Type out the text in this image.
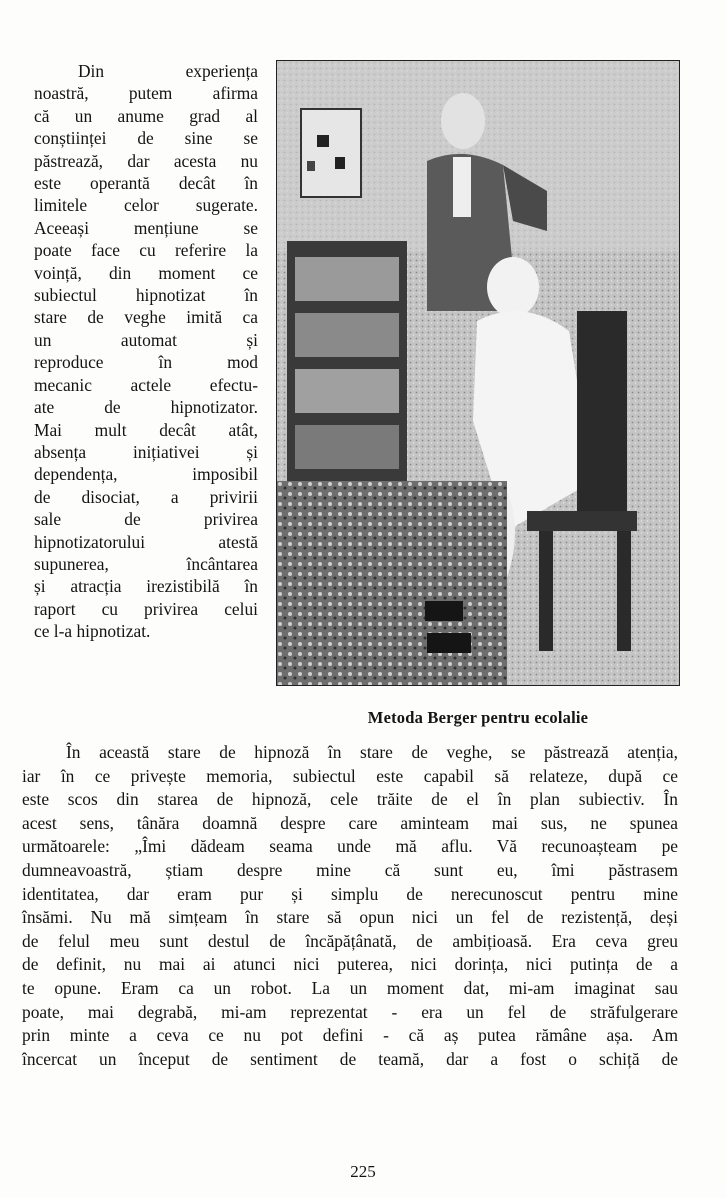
Din experiența
noastră, putem afirma
că un anume grad al
conștiinței de sine se
păstrează, dar acesta nu
este operantă decât în
limitele celor sugerate.
Aceeași mențiune se
poate face cu referire la
voință, din moment ce
subiectul hipnotizat în
stare de veghe imită ca
un automat și
reproduce în mod
mecanic actele efectu-
ate de hipnotizator.
Mai mult decât atât,
absența inițiativei și
dependența, imposibil
de disociat, a privirii
sale de privirea
hipnotizatorului atestă
supunerea, încântarea
și atracția irezistibilă în
raport cu privirea celui
ce l-a hipnotizat.
Metoda Berger pentru ecolalie
În această stare de hipnoză în stare de veghe, se păstrează atenția,
iar în ce privește memoria, subiectul este capabil să relateze, după ce
este scos din starea de hipnoză, cele trăite de el în plan subiectiv. În
acest sens, tânăra doamnă despre care aminteam mai sus, ne spunea
următoarele: „Îmi dădeam seama unde mă aflu. Vă recunoașteam pe
dumneavoastră, știam despre mine că sunt eu, îmi păstrasem
identitatea, dar eram pur și simplu de nerecunoscut pentru mine
însămi. Nu mă simțeam în stare să opun nici un fel de rezistență, deși
de felul meu sunt destul de încăpățânată, de ambițioasă. Era ceva greu
de definit, nu mai ai atunci nici puterea, nici dorința, nici putința de a
te opune. Eram ca un robot. La un moment dat, mi-am imaginat sau
poate, mai degrabă, mi-am reprezentat - era un fel de străfulgerare
prin minte a ceva ce nu pot defini - că aș putea rămâne așa. Am
încercat un început de sentiment de teamă, dar a fost o schiță de
225
